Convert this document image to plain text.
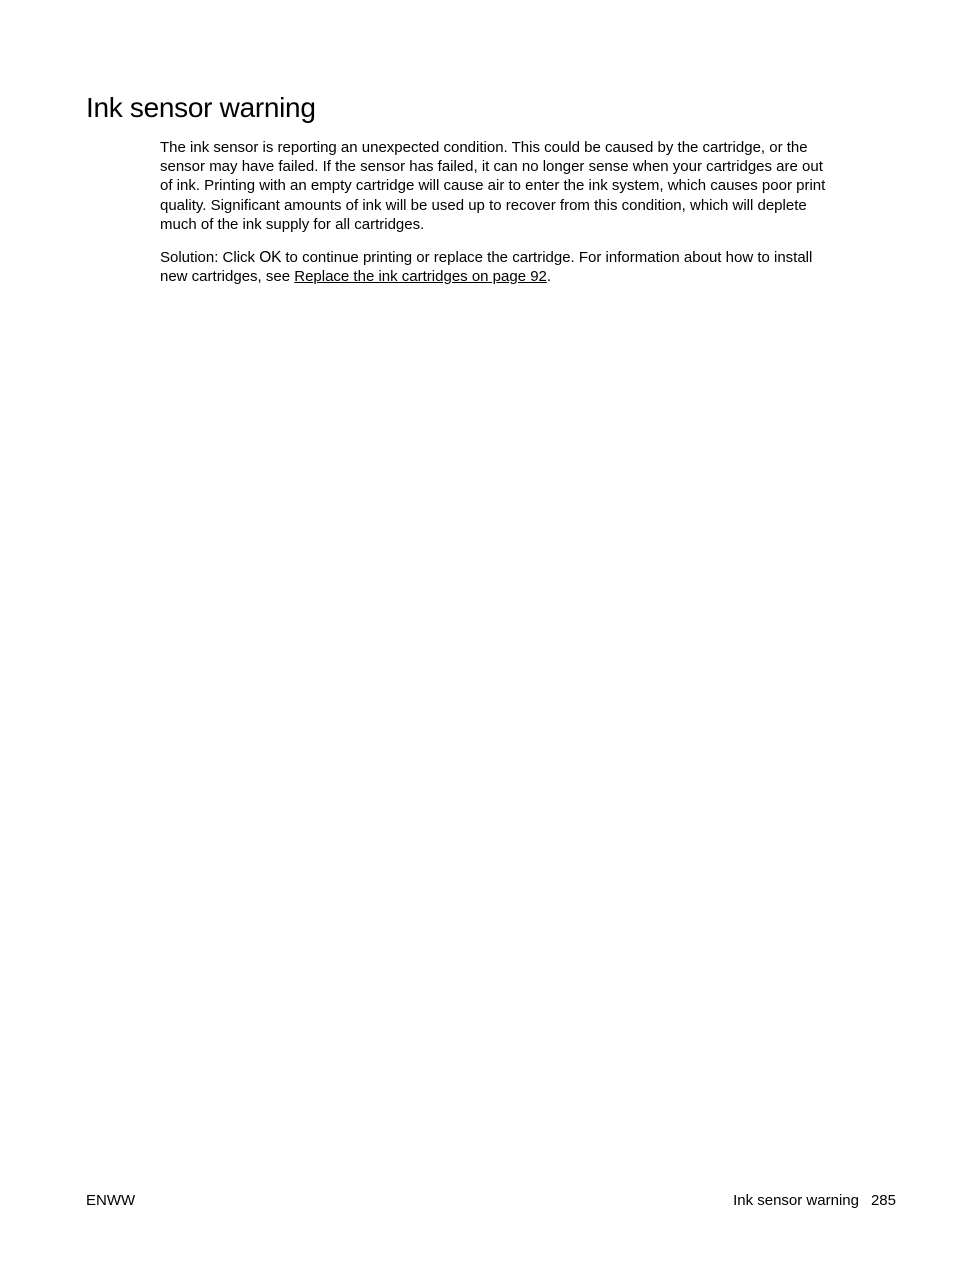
Ink sensor warning

The ink sensor is reporting an unexpected condition. This could be caused by the cartridge, or the
sensor may have failed. If the sensor has failed, it can no longer sense when your cartridges are out
of ink. Printing with an empty cartridge will cause air to enter the ink system, which causes poor print
quality. Significant amounts of ink will be used up to recover from this condition, which will deplete
much of the ink supply for all cartridges.

Solution: Click OK to continue printing or replace the cartridge. For information about how to install
new cartridges, see Replace the ink cartridges on page 92.

ENWW	Ink sensor warning 285
